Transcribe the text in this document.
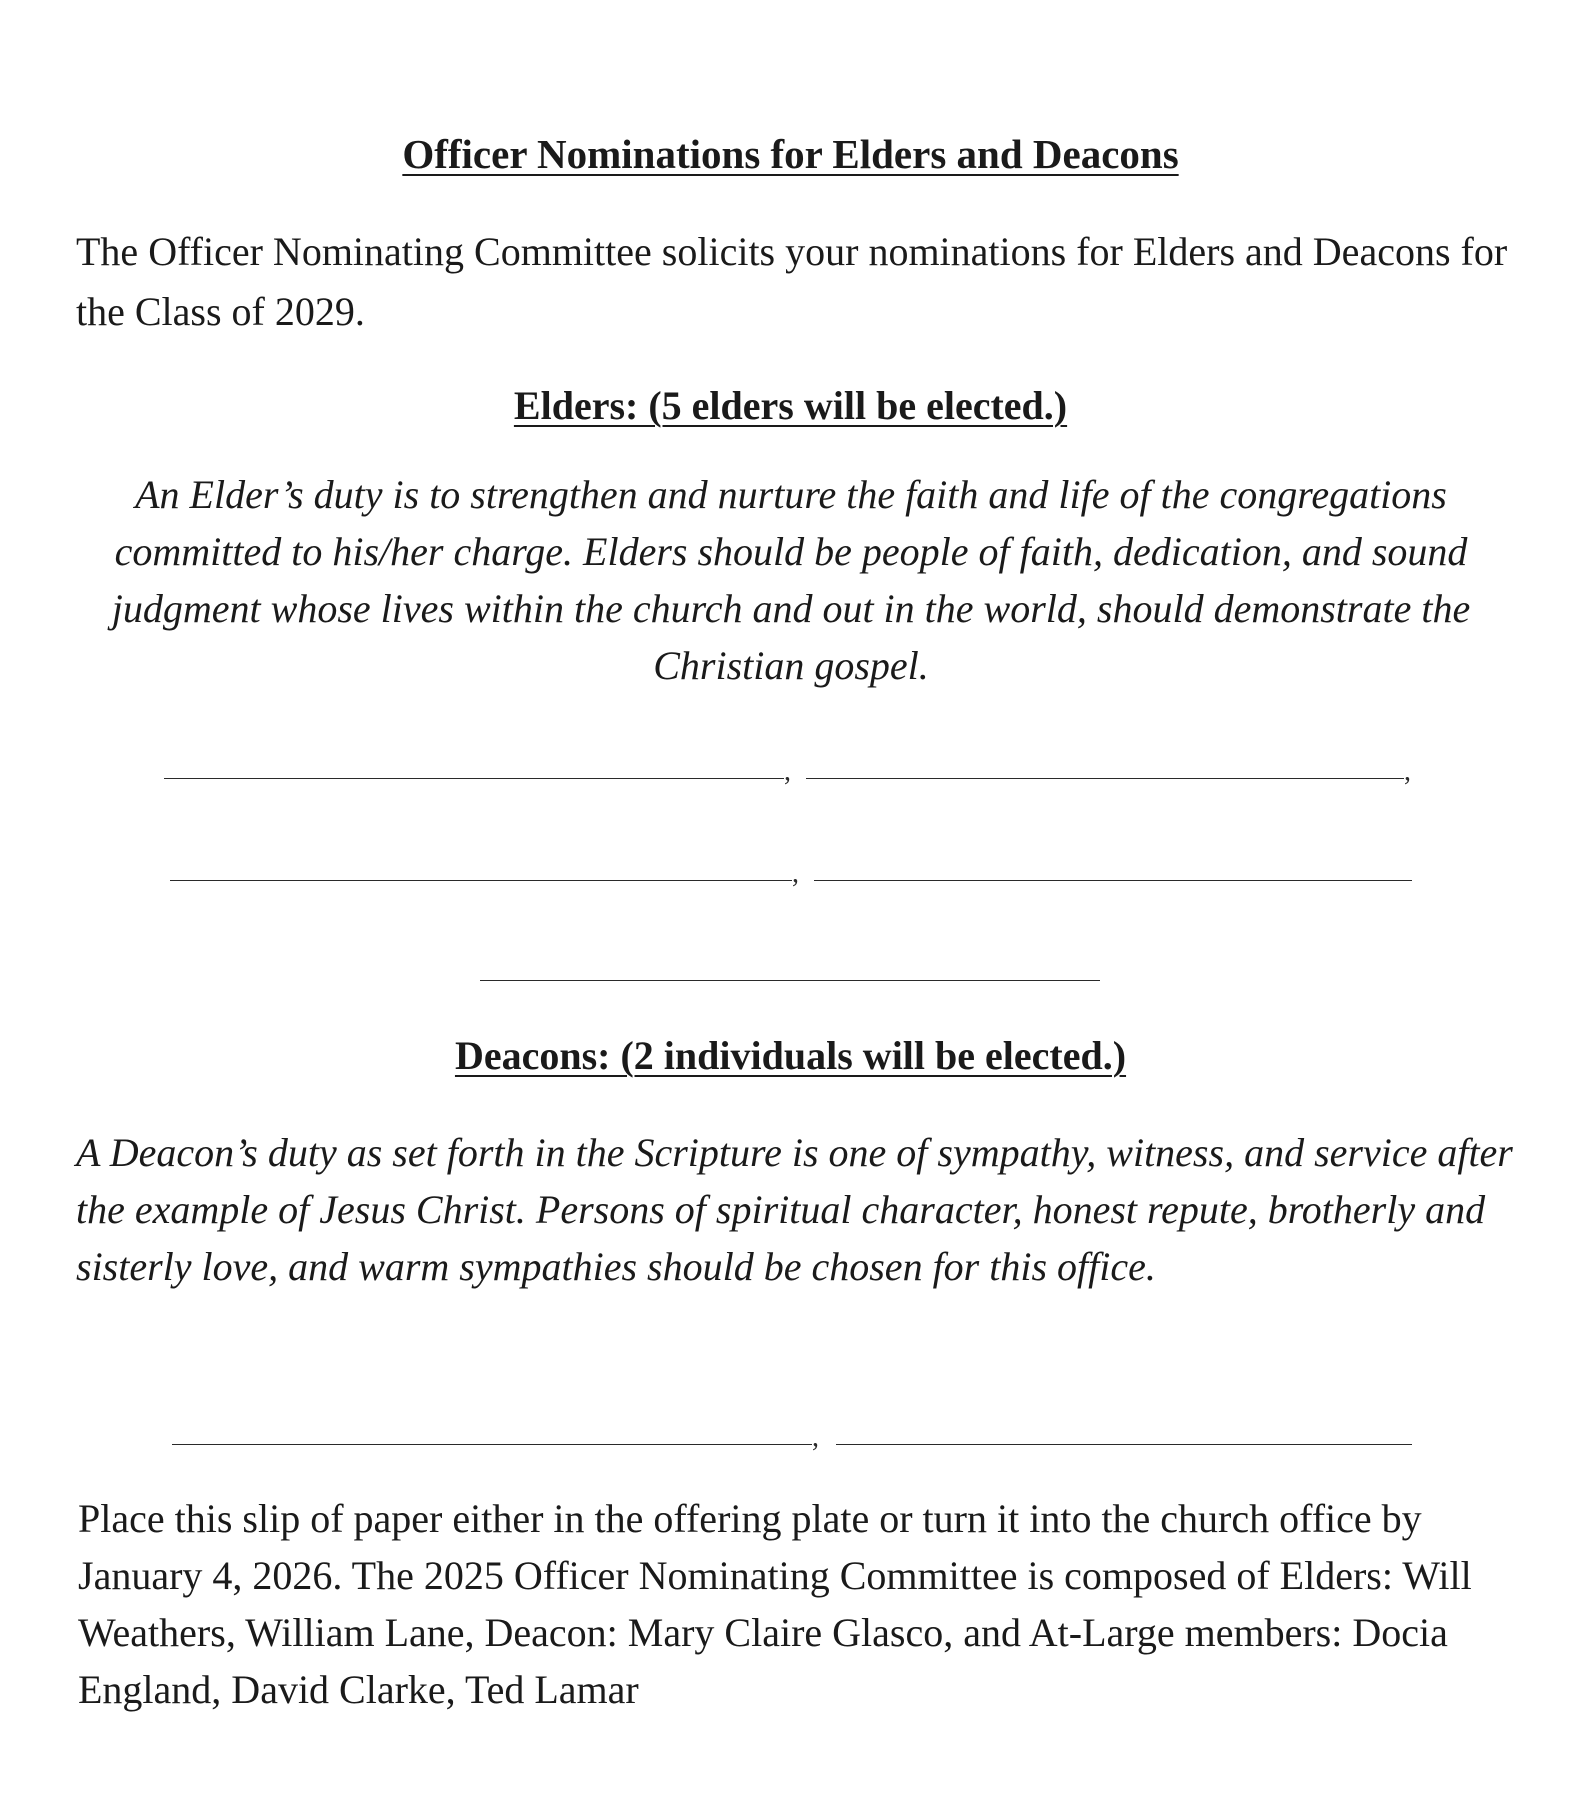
Officer Nominations for Elders and Deacons
The Officer Nominating Committee solicits your nominations for Elders and Deacons for the Class of 2029.
Elders: (5 elders will be elected.)
An Elder’s duty is to strengthen and nurture the faith and life of the congregations committed to his/her charge. Elders should be people of faith, dedication, and sound judgment whose lives within the church and out in the world, should demonstrate the Christian gospel.
,	,
,
Deacons: (2 individuals will be elected.)
A Deacon’s duty as set forth in the Scripture is one of sympathy, witness, and service after the example of Jesus Christ. Persons of spiritual character, honest repute, brotherly and sisterly love, and warm sympathies should be chosen for this office.
,
Place this slip of paper either in the offering plate or turn it into the church office by January 4, 2026. The 2025 Officer Nominating Committee is composed of Elders: Will Weathers, William Lane, Deacon: Mary Claire Glasco, and At-Large members: Docia England, David Clarke, Ted Lamar
